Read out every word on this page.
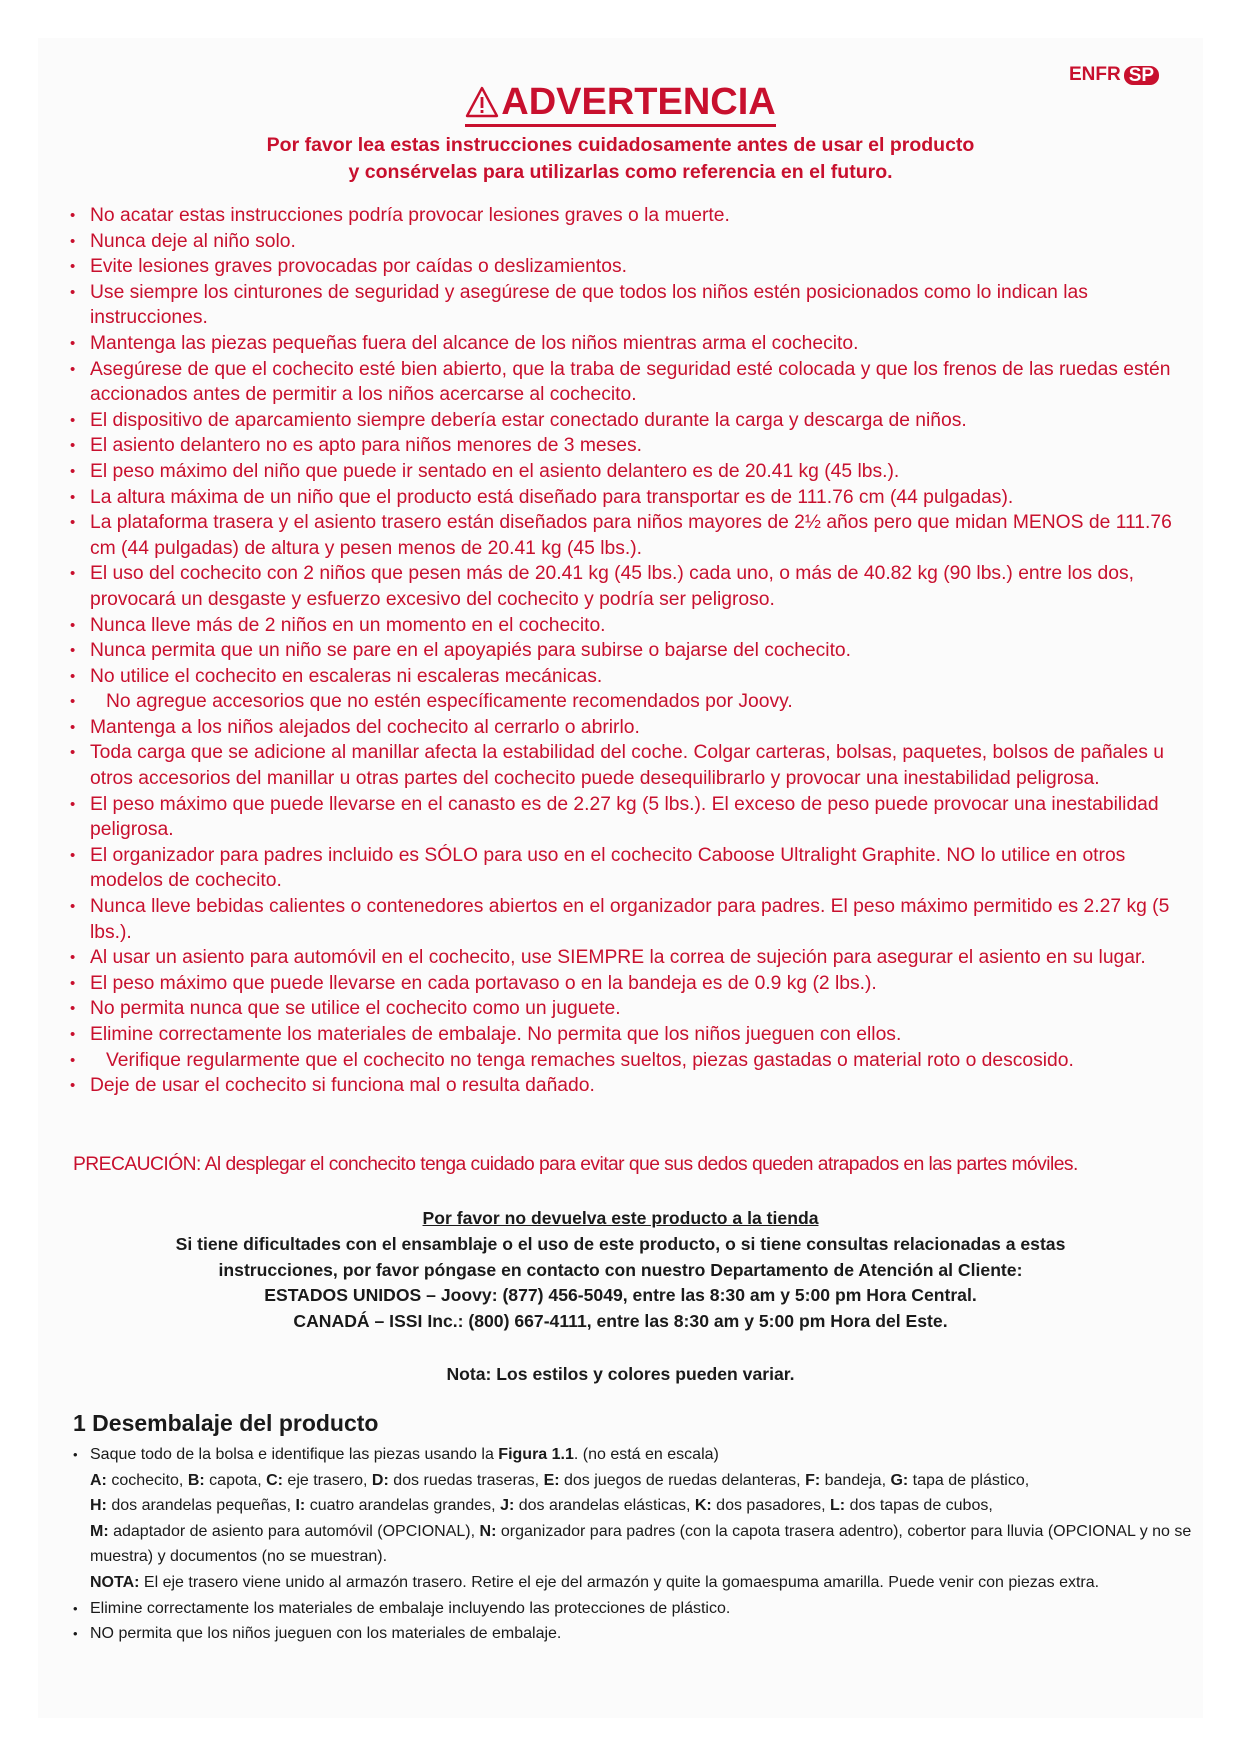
EN FR SP
ADVERTENCIA
Por favor lea estas instrucciones cuidadosamente antes de usar el producto
y consérvelas para utilizarlas como referencia en el futuro.
• No acatar estas instrucciones podría provocar lesiones graves o la muerte.
• Nunca deje al niño solo.
• Evite lesiones graves provocadas por caídas o deslizamientos.
• Use siempre los cinturones de seguridad y asegúrese de que todos los niños estén posicionados como lo indican las instrucciones.
• Mantenga las piezas pequeñas fuera del alcance de los niños mientras arma el cochecito.
• Asegúrese de que el cochecito esté bien abierto, que la traba de seguridad esté colocada y que los frenos de las ruedas estén accionados antes de permitir a los niños acercarse al cochecito.
• El dispositivo de aparcamiento siempre debería estar conectado durante la carga y descarga de niños.
• El asiento delantero no es apto para niños menores de 3 meses.
• El peso máximo del niño que puede ir sentado en el asiento delantero es de 20.41 kg (45 lbs.).
• La altura máxima de un niño que el producto está diseñado para transportar es de 111.76 cm (44 pulgadas).
• La plataforma trasera y el asiento trasero están diseñados para niños mayores de 2½ años pero que midan MENOS de 111.76 cm (44 pulgadas) de altura y pesen menos de 20.41 kg (45 lbs.).
• El uso del cochecito con 2 niños que pesen más de 20.41 kg (45 lbs.) cada uno, o más de 40.82 kg (90 lbs.) entre los dos, provocará un desgaste y esfuerzo excesivo del cochecito y podría ser peligroso.
• Nunca lleve más de 2 niños en un momento en el cochecito.
• Nunca permita que un niño se pare en el apoyapiés para subirse o bajarse del cochecito.
• No utilice el cochecito en escaleras ni escaleras mecánicas.
• No agregue accesorios que no estén específicamente recomendados por Joovy.
• Mantenga a los niños alejados del cochecito al cerrarlo o abrirlo.
• Toda carga que se adicione al manillar afecta la estabilidad del coche. Colgar carteras, bolsas, paquetes, bolsos de pañales u otros accesorios del manillar u otras partes del cochecito puede desequilibrarlo y provocar una inestabilidad peligrosa.
• El peso máximo que puede llevarse en el canasto es de 2.27 kg (5 lbs.). El exceso de peso puede provocar una inestabilidad peligrosa.
• El organizador para padres incluido es SÓLO para uso en el cochecito Caboose Ultralight Graphite. NO lo utilice en otros modelos de cochecito.
• Nunca lleve bebidas calientes o contenedores abiertos en el organizador para padres. El peso máximo permitido es 2.27 kg (5 lbs.).
• Al usar un asiento para automóvil en el cochecito, use SIEMPRE la correa de sujeción para asegurar el asiento en su lugar.
• El peso máximo que puede llevarse en cada portavaso o en la bandeja es de 0.9 kg (2 lbs.).
• No permita nunca que se utilice el cochecito como un juguete.
• Elimine correctamente los materiales de embalaje. No permita que los niños jueguen con ellos.
• Verifique regularmente que el cochecito no tenga remaches sueltos, piezas gastadas o material roto o descosido.
• Deje de usar el cochecito si funciona mal o resulta dañado.
PRECAUCIÓN: Al desplegar el conchecito tenga cuidado para evitar que sus dedos queden atrapados en las partes móviles.
Por favor no devuelva este producto a la tienda
Si tiene dificultades con el ensamblaje o el uso de este producto, o si tiene consultas relacionadas a estas
instrucciones, por favor póngase en contacto con nuestro Departamento de Atención al Cliente:
ESTADOS UNIDOS – Joovy: (877) 456-5049, entre las 8:30 am y 5:00 pm Hora Central.
CANADÁ – ISSI Inc.: (800) 667-4111, entre las 8:30 am y 5:00 pm Hora del Este.
Nota: Los estilos y colores pueden variar.
1 Desembalaje del producto
• Saque todo de la bolsa e identifique las piezas usando la Figura 1.1. (no está en escala)
A: cochecito, B: capota, C: eje trasero, D: dos ruedas traseras, E: dos juegos de ruedas delanteras, F: bandeja, G: tapa de plástico,
H: dos arandelas pequeñas, I: cuatro arandelas grandes, J: dos arandelas elásticas, K: dos pasadores, L: dos tapas de cubos,
M: adaptador de asiento para automóvil (OPCIONAL), N: organizador para padres (con la capota trasera adentro), cobertor para lluvia (OPCIONAL y no se muestra) y documentos (no se muestran).
NOTA: El eje trasero viene unido al armazón trasero. Retire el eje del armazón y quite la gomaespuma amarilla. Puede venir con piezas extra.
• Elimine correctamente los materiales de embalaje incluyendo las protecciones de plástico.
• NO permita que los niños jueguen con los materiales de embalaje.
